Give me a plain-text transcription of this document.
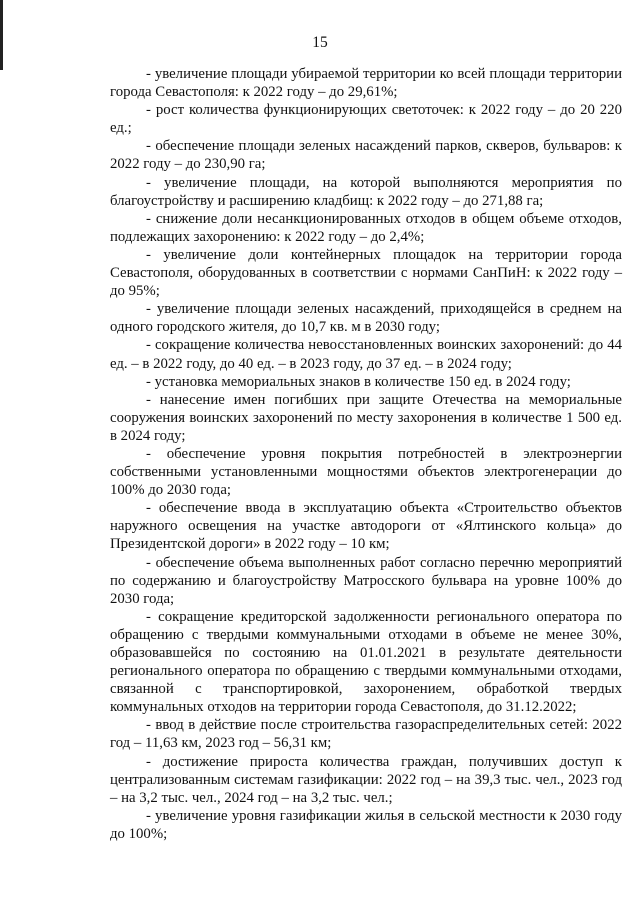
15

- увеличение площади убираемой территории ко всей площади территории города Севастополя: к 2022 году – до 29,61%;

- рост количества функционирующих светоточек: к 2022 году – до 20 220 ед.;

- обеспечение площади зеленых насаждений парков, скверов, бульваров: к 2022 году – до 230,90 га;

- увеличение площади, на которой выполняются мероприятия по благоустройству и расширению кладбищ: к 2022 году – до 271,88 га;

- снижение доли несанкционированных отходов в общем объеме отходов, подлежащих захоронению: к 2022 году – до 2,4%;

- увеличение доли контейнерных площадок на территории города Севастополя, оборудованных в соответствии с нормами СанПиН: к 2022 году – до 95%;

- увеличение площади зеленых насаждений, приходящейся в среднем на одного городского жителя, до 10,7 кв. м в 2030 году;

- сокращение количества невосстановленных воинских захоронений: до 44 ед. – в 2022 году, до 40 ед. – в 2023 году, до 37 ед. – в 2024 году;

- установка мемориальных знаков в количестве 150 ед. в 2024 году;

- нанесение имен погибших при защите Отечества на мемориальные сооружения воинских захоронений по месту захоронения в количестве 1 500 ед. в 2024 году;

- обеспечение уровня покрытия потребностей в электроэнергии собственными установленными мощностями объектов электрогенерации до 100% до 2030 года;

- обеспечение ввода в эксплуатацию объекта «Строительство объектов наружного освещения на участке автодороги от «Ялтинского кольца» до Президентской дороги» в 2022 году – 10 км;

- обеспечение объема выполненных работ согласно перечню мероприятий по содержанию и благоустройству Матросского бульвара на уровне 100% до 2030 года;

- сокращение кредиторской задолженности регионального оператора по обращению с твердыми коммунальными отходами в объеме не менее 30%, образовавшейся по состоянию на 01.01.2021 в результате деятельности регионального оператора по обращению с твердыми коммунальными отходами, связанной с транспортировкой, захоронением, обработкой твердых коммунальных отходов на территории города Севастополя, до 31.12.2022;

- ввод в действие после строительства газораспределительных сетей: 2022 год – 11,63 км, 2023 год – 56,31 км;

- достижение прироста количества граждан, получивших доступ к централизованным системам газификации: 2022 год – на 39,3 тыс. чел., 2023 год – на 3,2 тыс. чел., 2024 год – на 3,2 тыс. чел.;

- увеличение уровня газификации жилья в сельской местности к 2030 году до 100%;
